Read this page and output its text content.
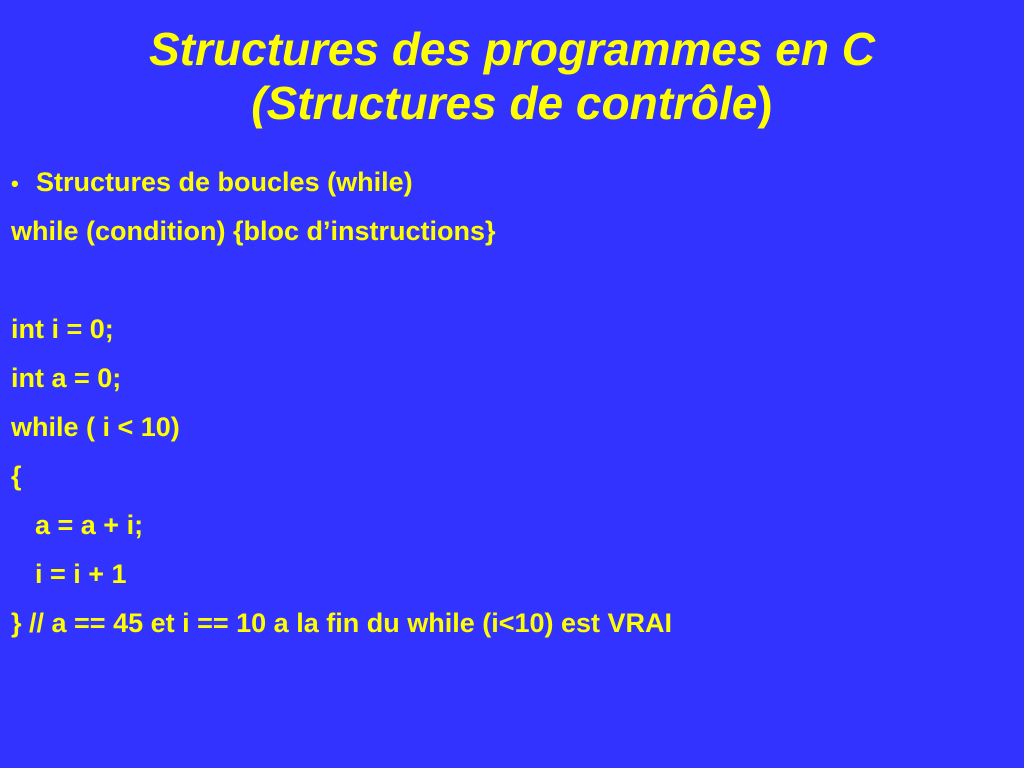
Structures des programmes en C
(Structures de contrôle)
• Structures de boucles (while)
while (condition) {bloc d’instructions}
int i = 0;
int a = 0;
while ( i < 10)
{
a = a + i;
i = i + 1
} // a == 45 et i == 10 a la fin du while (i<10) est VRAI
